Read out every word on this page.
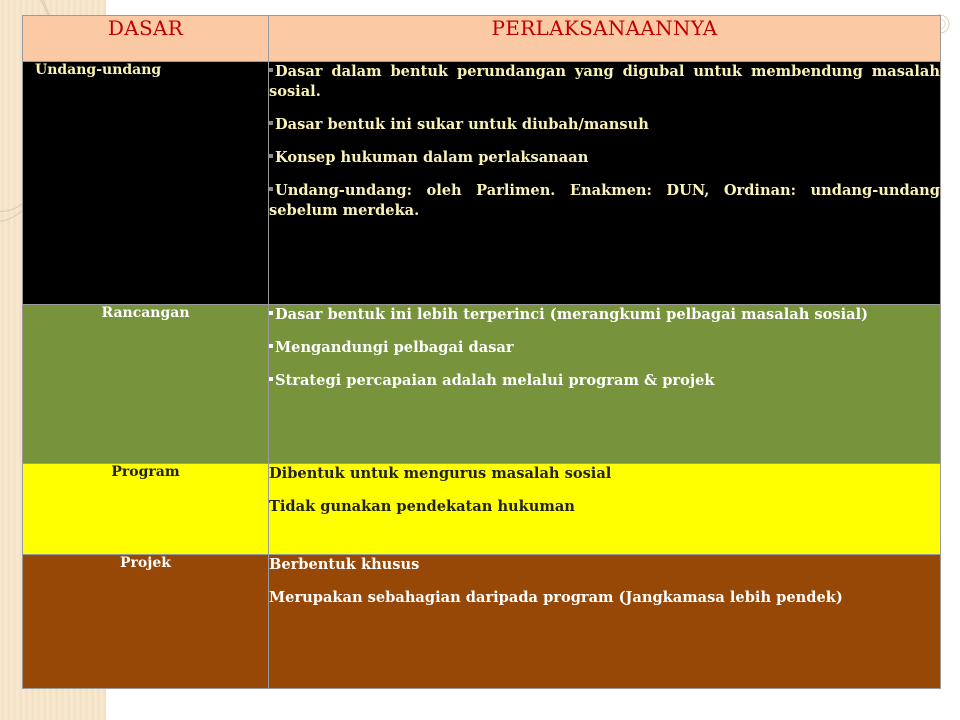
DASAR	PERLAKSANAANNYA
Undang-undang	Dasar dalam bentuk perundangan yang digubal untuk membendung masalah sosial.

Dasar bentuk ini sukar untuk diubah/mansuh

Konsep hukuman dalam perlaksanaan

Undang-undang: oleh Parlimen. Enakmen: DUN, Ordinan: undang-undang sebelum merdeka.

Rancangan	Dasar bentuk ini lebih terperinci (merangkumi pelbagai masalah sosial)

Mengandungi pelbagai dasar

Strategi percapaian adalah melalui program & projek

Program	Dibentuk untuk mengurus masalah sosial

Tidak gunakan pendekatan hukuman

Projek	Berbentuk khusus

Merupakan sebahagian daripada program (Jangkamasa lebih pendek)
